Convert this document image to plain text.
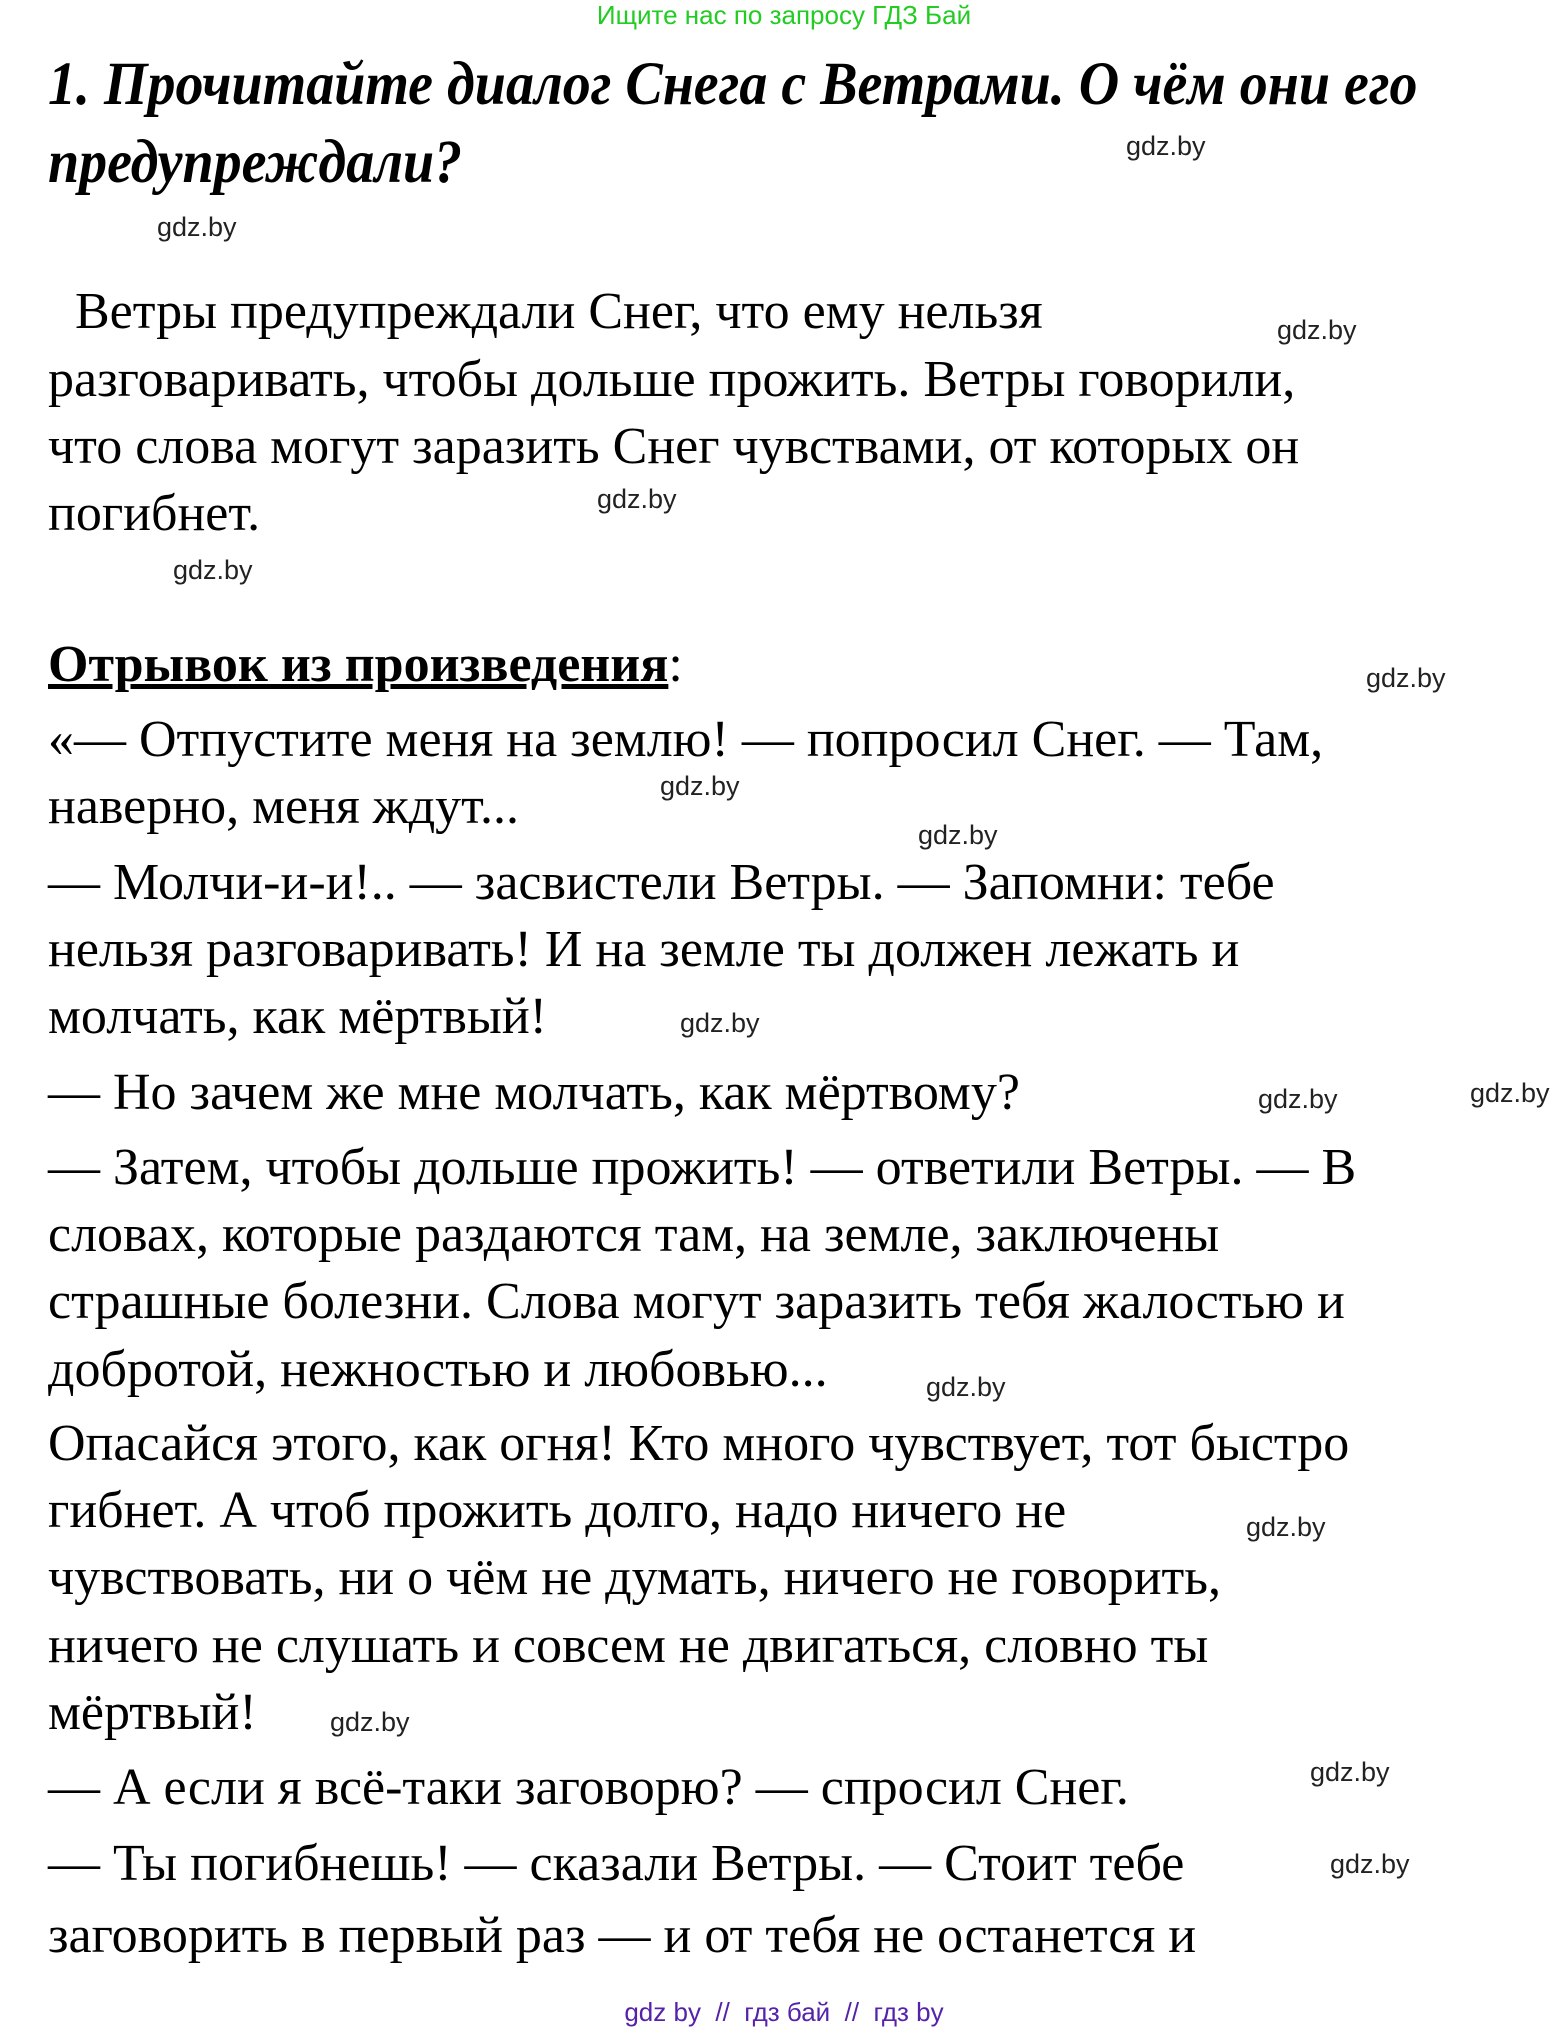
Ищите нас по запросу ГДЗ Бай
1. Прочитайте диалог Снега с Ветрами. О чём они его
предупреждали?
Ветры предупреждали Снег, что ему нельзя
разговаривать, чтобы дольше прожить. Ветры говорили,
что слова могут заразить Снег чувствами, от которых он
погибнет.
Отрывок из произведения:
«— Отпустите меня на землю! — попросил Снег. — Там,
наверно, меня ждут...
— Молчи-и-и!.. — засвистели Ветры. — Запомни: тебе
нельзя разговаривать! И на земле ты должен лежать и
молчать, как мёртвый!
— Но зачем же мне молчать, как мёртвому?
— Затем, чтобы дольше прожить! — ответили Ветры. — В
словах, которые раздаются там, на земле, заключены
страшные болезни. Слова могут заразить тебя жалостью и
добротой, нежностью и любовью...
Опасайся этого, как огня! Кто много чувствует, тот быстро
гибнет. А чтоб прожить долго, надо ничего не
чувствовать, ни о чём не думать, ничего не говорить,
ничего не слушать и совсем не двигаться, словно ты
мёртвый!
— А если я всё-таки заговорю? — спросил Снег.
— Ты погибнешь! — сказали Ветры. — Стоит тебе
заговорить в первый раз — и от тебя не останется и
gdz.by
gdz.by
gdz.by
gdz.by
gdz.by
gdz.by
gdz.by
gdz.by
gdz.by
gdz.by	gdz.by
gdz.by
gdz.by
gdz.by
gdz.by
gdz.by
gdz by  //  гдз бай  //  гдз by
